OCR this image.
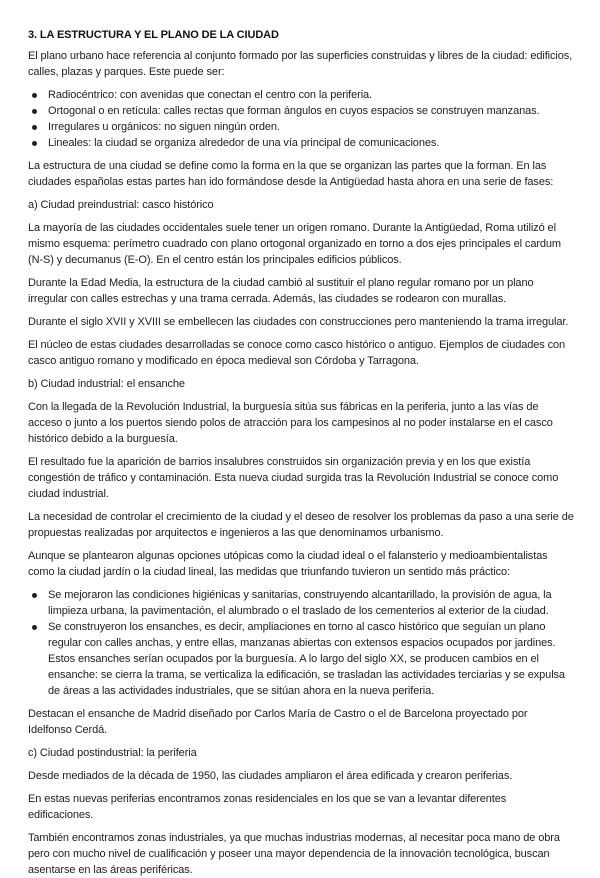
3. LA ESTRUCTURA Y EL PLANO DE LA CIUDAD

El plano urbano hace referencia al conjunto formado por las superficies construidas y libres de la ciudad: edificios, calles, plazas y parques. Este puede ser:

Radiocéntrico: con avenidas que conectan el centro con la periferia.
Ortogonal o en retícula: calles rectas que forman ángulos en cuyos espacios se construyen manzanas.
Irregulares u orgánicos: no siguen ningún orden.
Lineales: la ciudad se organiza alrededor de una vía principal de comunicaciones.

La estructura de una ciudad se define como la forma en la que se organizan las partes que la forman. En las ciudades españolas estas partes han ido formándose desde la Antigüedad hasta ahora en una serie de fases:

a) Ciudad preindustrial: casco histórico

La mayoría de las ciudades occidentales suele tener un origen romano. Durante la Antigüedad, Roma utilizó el mismo esquema: perímetro cuadrado con plano ortogonal organizado en torno a dos ejes principales el cardum (N-S) y decumanus (E-O). En el centro están los principales edificios públicos.

Durante la Edad Media, la estructura de la ciudad cambió al sustituir el plano regular romano por un plano irregular con calles estrechas y una trama cerrada. Además, las ciudades se rodearon con murallas.

Durante el siglo XVII y XVIII se embellecen las ciudades con construcciones pero manteniendo la trama irregular.

El núcleo de estas ciudades desarrolladas se conoce como casco histórico o antiguo. Ejemplos de ciudades con casco antiguo romano y modificado en época medieval son Córdoba y Tarragona.

b) Ciudad industrial: el ensanche

Con la llegada de la Revolución Industrial, la burguesía sitúa sus fábricas en la periferia, junto a las vías de acceso o junto a los puertos siendo polos de atracción para los campesinos al no poder instalarse en el casco histórico debido a la burguesía.

El resultado fue la aparición de barrios insalubres construidos sin organización previa y en los que existía congestión de tráfico y contaminación. Esta nueva ciudad surgida tras la Revolución Industrial se conoce como ciudad industrial.

La necesidad de controlar el crecimiento de la ciudad y el deseo de resolver los problemas da paso a una serie de propuestas realizadas por arquitectos e ingenieros a las que denominamos urbanismo.

Aunque se plantearon algunas opciones utópicas como la ciudad ideal o el falansterio y medioambientalistas como la ciudad jardín o la ciudad lineal, las medidas que triunfando tuvieron un sentido más práctico:

Se mejoraron las condiciones higiénicas y sanitarias, construyendo alcantarillado, la provisión de agua, la limpieza urbana, la pavimentación, el alumbrado o el traslado de los cementerios al exterior de la ciudad.
Se construyeron los ensanches, es decir, ampliaciones en torno al casco histórico que seguían un plano regular con calles anchas, y entre ellas, manzanas abiertas con extensos espacios ocupados por jardines. Estos ensanches serían ocupados por la burguesía. A lo largo del siglo XX, se producen cambios en el ensanche: se cierra la trama, se verticaliza la edificación, se trasladan las actividades terciarias y se expulsa de áreas a las actividades industriales, que se sitúan ahora en la nueva periferia.

Destacan el ensanche de Madrid diseñado por Carlos María de Castro o el de Barcelona proyectado por Idelfonso Cerdá.

c) Ciudad postindustrial: la periferia

Desde mediados de la década de 1950, las ciudades ampliaron el área edificada y crearon periferias.

En estas nuevas periferias encontramos zonas residenciales en los que se van a levantar diferentes edificaciones.

También encontramos zonas industriales, ya que muchas industrias modernas, al necesitar poca mano de obra pero con mucho nivel de cualificación y poseer una mayor dependencia de la innovación tecnológica, buscan asentarse en las áreas periféricas.
